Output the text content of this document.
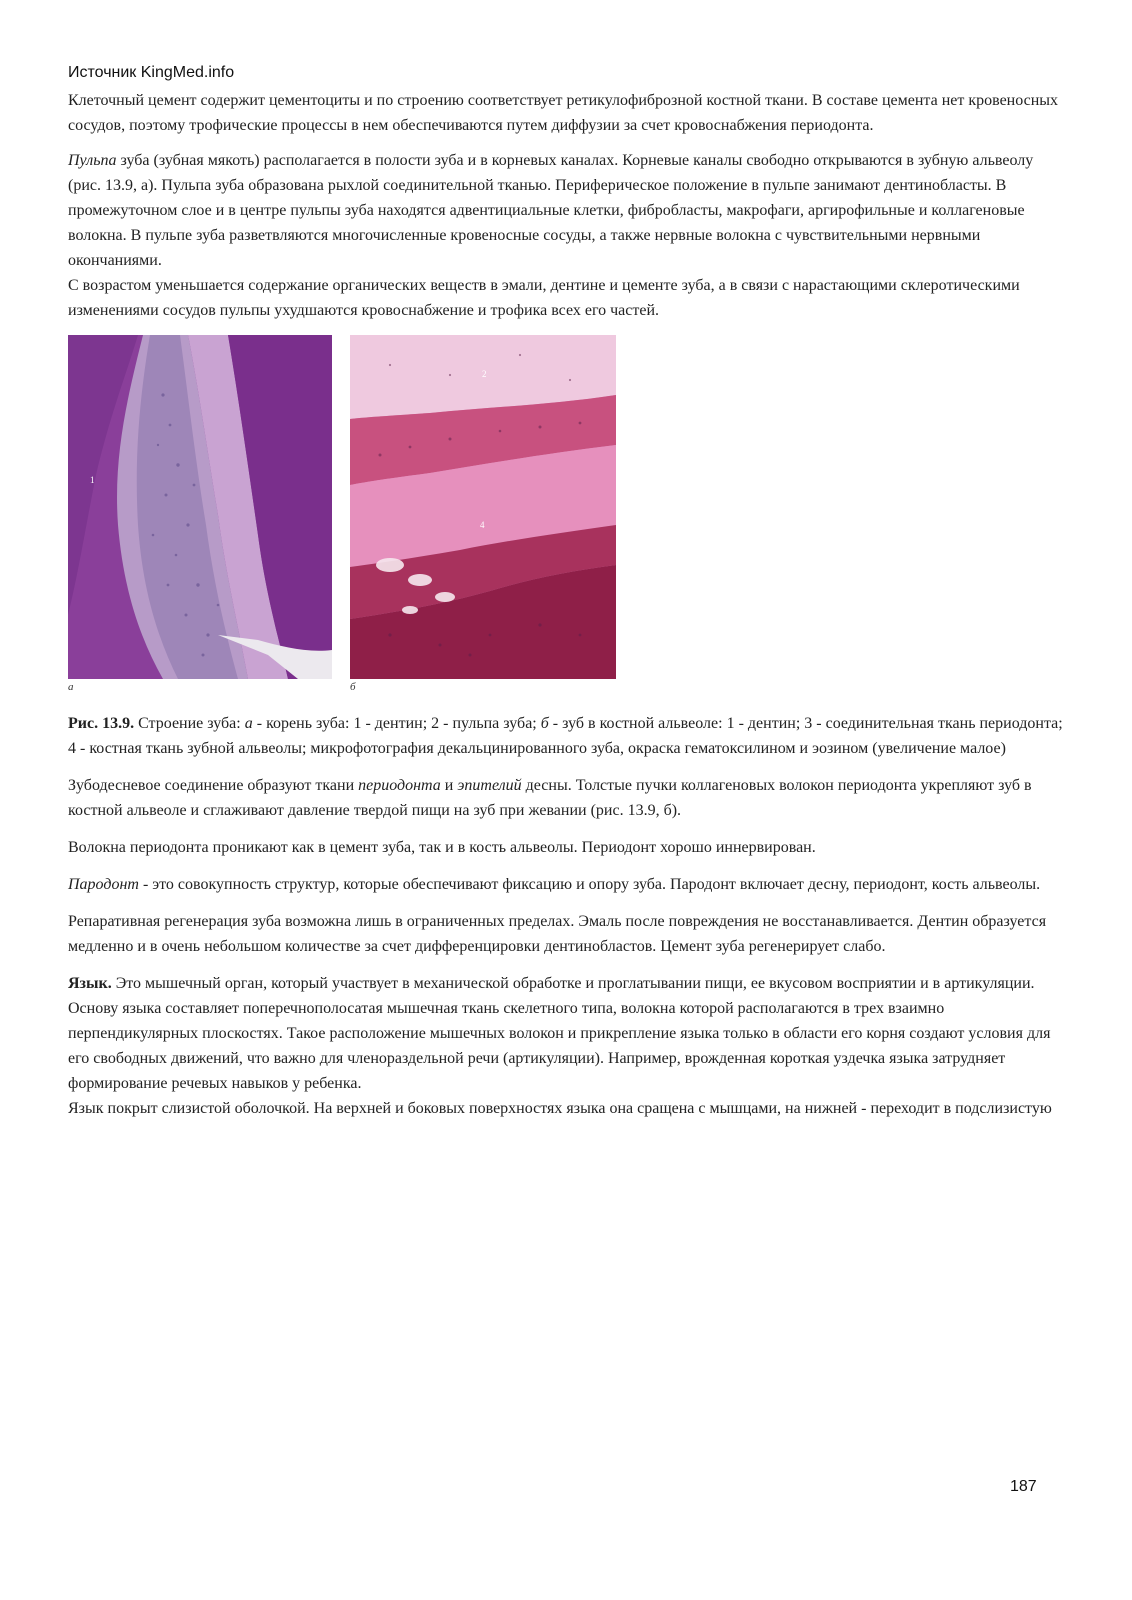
Источник KingMed.info

Клеточный цемент содержит цементоциты и по строению соответствует ретикулофиброзной костной ткани. В составе цемента нет кровеносных сосудов, поэтому трофические процессы в нем обеспечиваются путем диффузии за счет кровоснабжения периодонта.

Пульпа зуба (зубная мякоть) располагается в полости зуба и в корневых каналах. Корневые каналы свободно открываются в зубную альвеолу (рис. 13.9, а). Пульпа зуба образована рыхлой соединительной тканью. Периферическое положение в пульпе занимают дентинобласты. В промежуточном слое и в центре пульпы зуба находятся адвентициальные клетки, фибробласты, макрофаги, аргирофильные и коллагеновые волокна. В пульпе зуба разветвляются многочисленные кровеносные сосуды, а также нервные волокна с чувствительными нервными окончаниями.

С возрастом уменьшается содержание органических веществ в эмали, дентине и цементе зуба, а в связи с нарастающими склеротическими изменениями сосудов пульпы ухудшаются кровоснабжение и трофика всех его частей.

1
2
4
а	б

Рис. 13.9. Строение зуба: а - корень зуба: 1 - дентин; 2 - пульпа зуба; б - зуб в костной альвеоле: 1 - дентин; 3 - соединительная ткань периодонта; 4 - костная ткань зубной альвеолы; микрофотография декальцинированного зуба, окраска гематоксилином и эозином (увеличение малое)

Зубодесневое соединение образуют ткани периодонта и эпителий десны. Толстые пучки коллагеновых волокон периодонта укрепляют зуб в костной альвеоле и сглаживают давление твердой пищи на зуб при жевании (рис. 13.9, б).

Волокна периодонта проникают как в цемент зуба, так и в кость альвеолы. Периодонт хорошо иннервирован.

Пародонт - это совокупность структур, которые обеспечивают фиксацию и опору зуба. Пародонт включает десну, периодонт, кость альвеолы.

Репаративная регенерация зуба возможна лишь в ограниченных пределах. Эмаль после повреждения не восстанавливается. Дентин образуется медленно и в очень небольшом количестве за счет дифференцировки дентинобластов. Цемент зуба регенерирует слабо.

Язык. Это мышечный орган, который участвует в механической обработке и проглатывании пищи, ее вкусовом восприятии и в артикуляции. Основу языка составляет поперечнополосатая мышечная ткань скелетного типа, волокна которой располагаются в трех взаимно перпендикулярных плоскостях. Такое расположение мышечных волокон и прикрепление языка только в области его корня создают условия для его свободных движений, что важно для членораздельной речи (артикуляции). Например, врожденная короткая уздечка языка затрудняет формирование речевых навыков у ребенка.

Язык покрыт слизистой оболочкой. На верхней и боковых поверхностях языка она сращена с мышцами, на нижней - переходит в подслизистую

187
